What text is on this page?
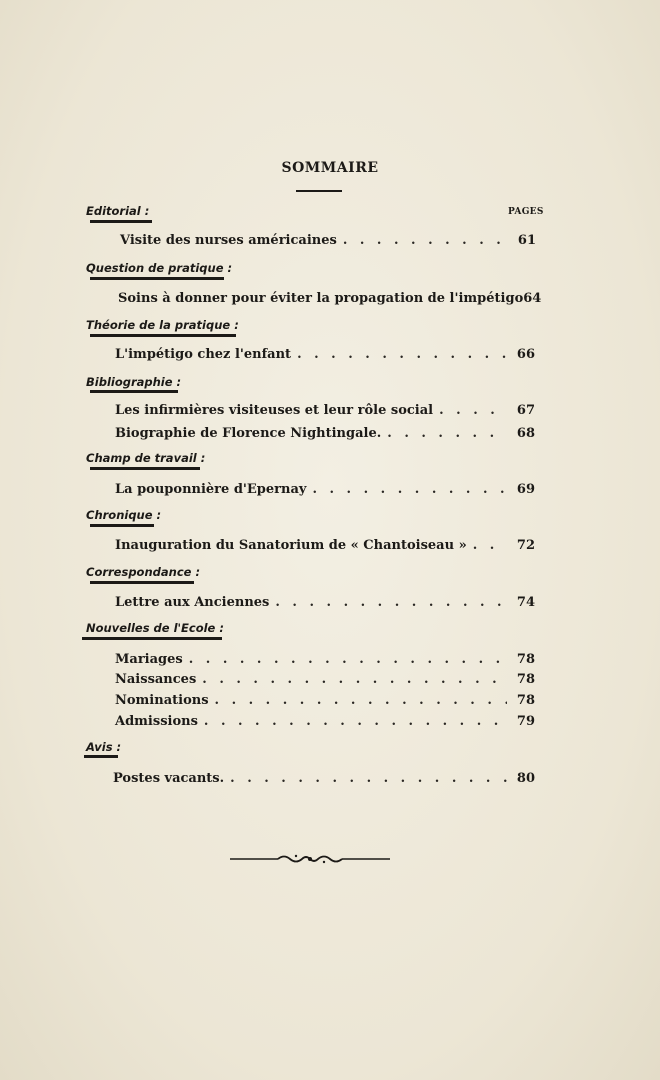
SOMMAIRE
PAGES
Editorial :
Visite des nurses américaines . . .	61
Question de pratique :
Soins à donner pour éviter la propagation de l'impétigo 64
Théorie de la pratique :
L'impétigo chez l'enfant . . .	66
Bibliographie :
Les infirmières visiteuses et leur rôle social . . .	67
Biographie de Florence Nightingale. . . .	68
Champ de travail :
La pouponnière d'Epernay . . .	69
Chronique :
Inauguration du Sanatorium de « Chantoiseau » . . .	72
Correspondance :
Lettre aux Anciennes . . .	74
Nouvelles de l'Ecole :
Mariages . . .	78
Naissances . . .	78
Nominations . . .	78
Admissions . . .	79
Avis :
Postes vacants. . . .	80
